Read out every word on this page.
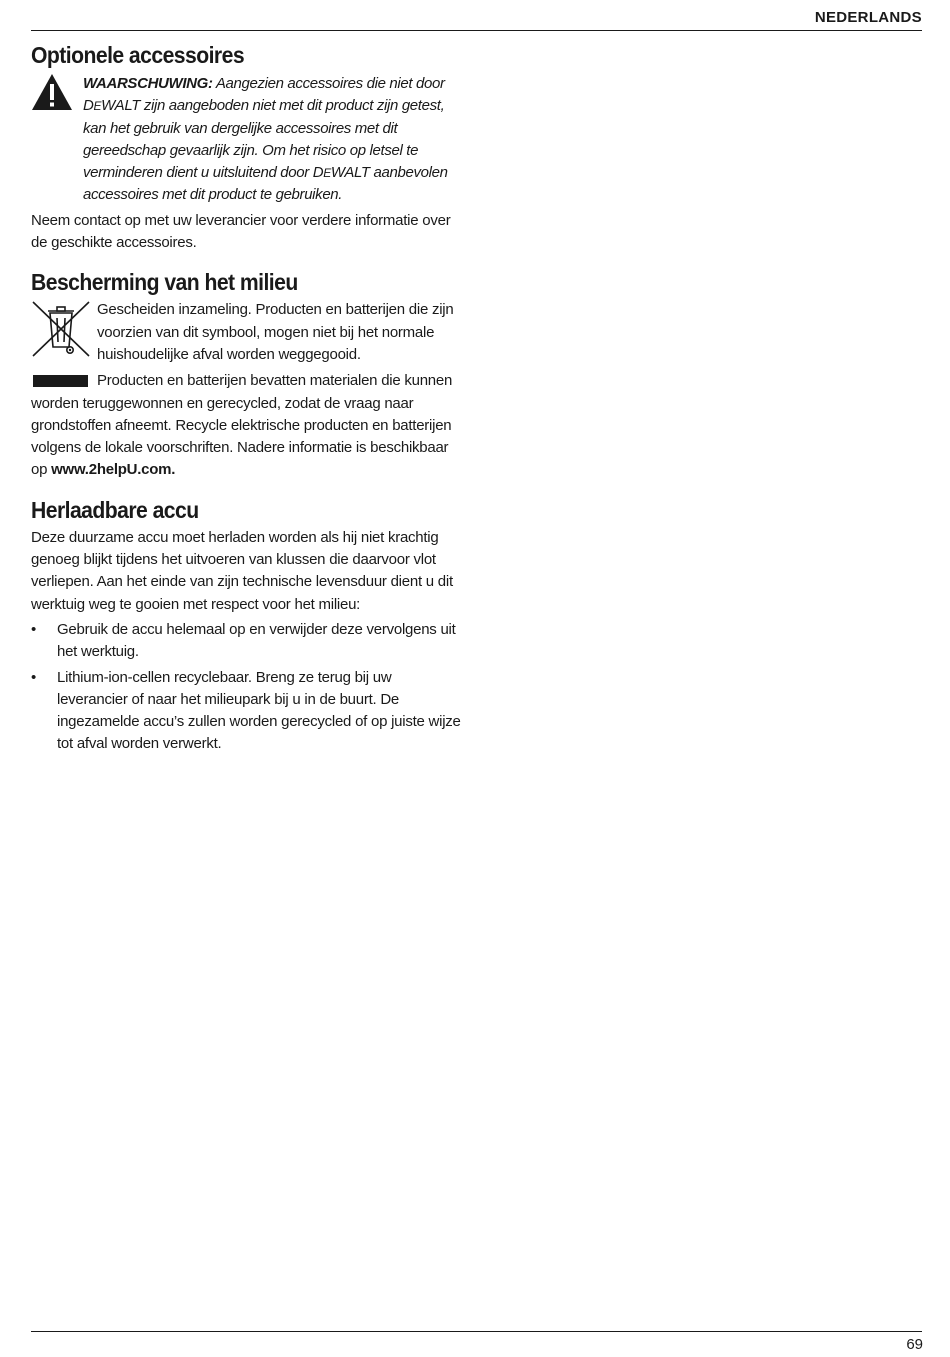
NEDERLANDS
Optionele accessoires
WAARSCHUWING: Aangezien accessoires die niet door DEWALT zijn aangeboden niet met dit product zijn getest, kan het gebruik van dergelijke accessoires met dit gereedschap gevaarlijk zijn. Om het risico op letsel te verminderen dient u uitsluitend door DEWALT aanbevolen accessoires met dit product te gebruiken.

Neem contact op met uw leverancier voor verdere informatie over de geschikte accessoires.

Bescherming van het milieu

Gescheiden inzameling. Producten en batterijen die zijn voorzien van dit symbool, mogen niet bij het normale huishoudelijke afval worden weggegooid.

Producten en batterijen bevatten materialen die kunnen worden teruggewonnen en gerecycled, zodat de vraag naar grondstoffen afneemt. Recycle elektrische producten en batterijen volgens de lokale voorschriften. Nadere informatie is beschikbaar op www.2helpU.com.

Herlaadbare accu

Deze duurzame accu moet herladen worden als hij niet krachtig genoeg blijkt tijdens het uitvoeren van klussen die daarvoor vlot verliepen. Aan het einde van zijn technische levensduur dient u dit werktuig weg te gooien met respect voor het milieu:

•	Gebruik de accu helemaal op en verwijder deze vervolgens uit het werktuig.
•	Lithium-ion-cellen recyclebaar. Breng ze terug bij uw leverancier of naar het milieupark bij u in de buurt. De ingezamelde accu’s zullen worden gerecycled of op juiste wijze tot afval worden verwerkt.
69
